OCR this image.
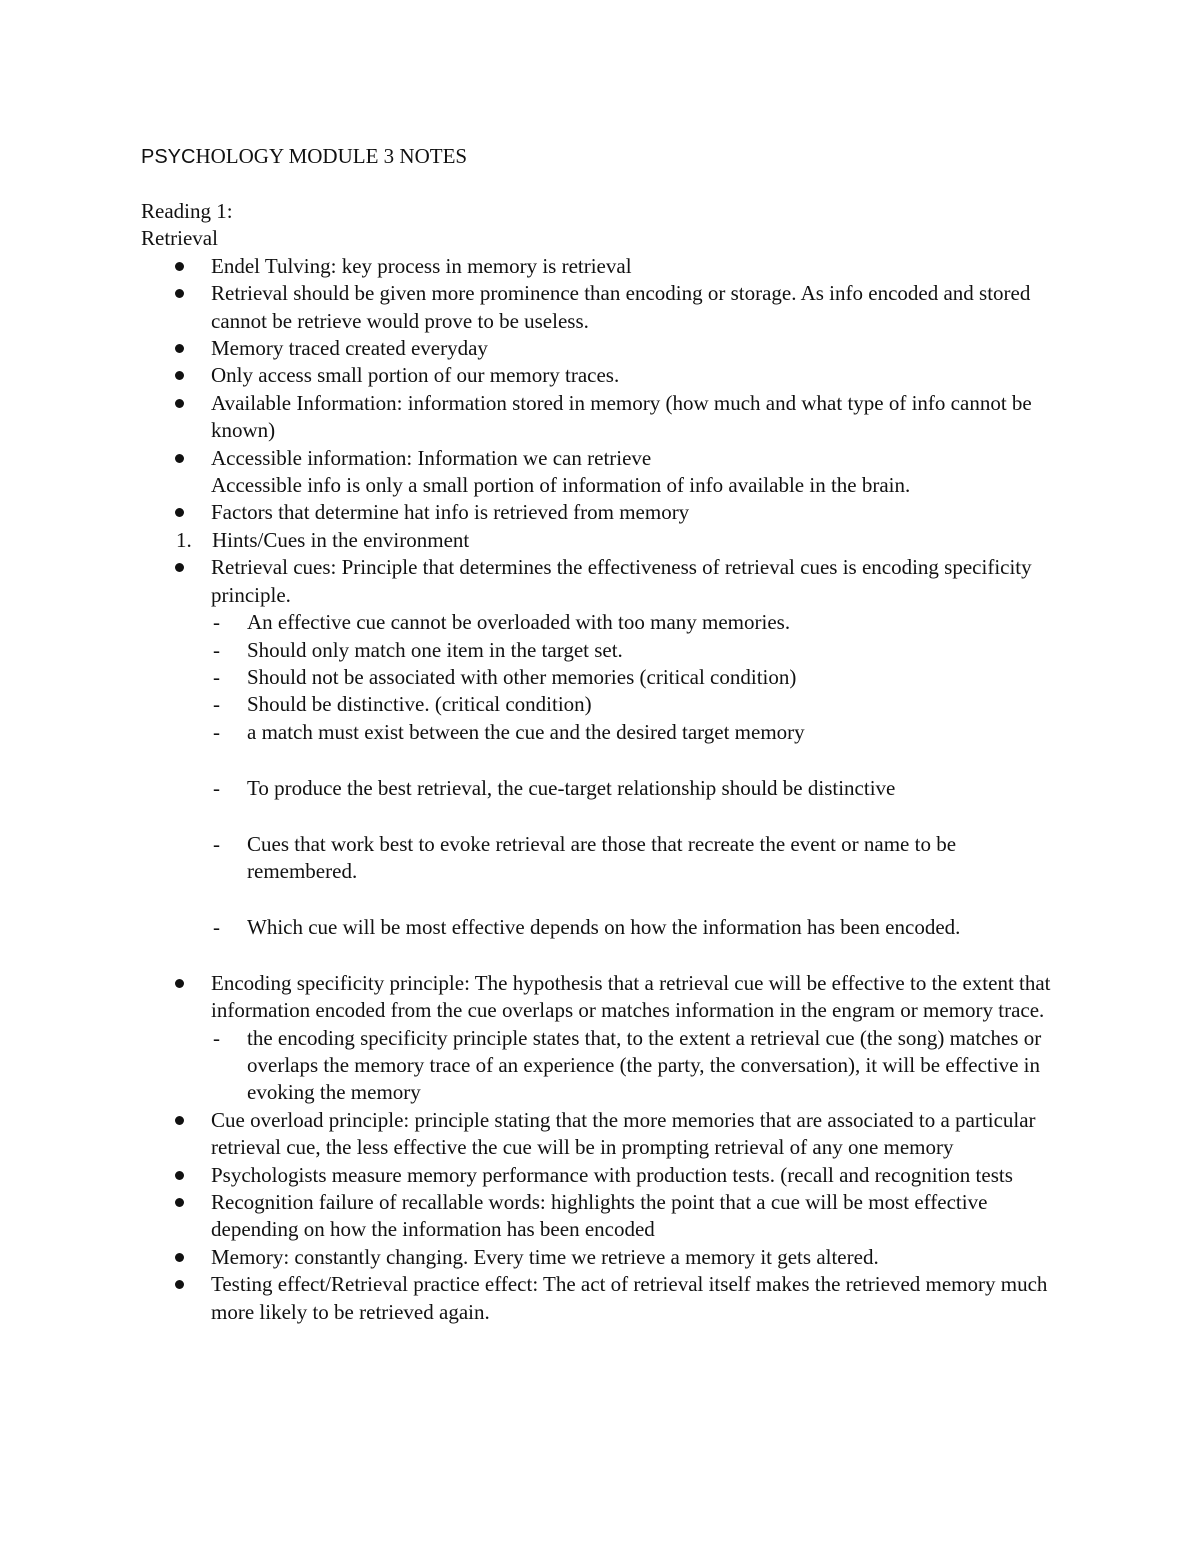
PSYCHOLOGY MODULE 3 NOTES

Reading 1:

Retrieval

Endel Tulving: key process in memory is retrieval
Retrieval should be given more prominence than encoding or storage. As info encoded and stored cannot be retrieve would prove to be useless.
Memory traced created everyday
Only access small portion of our memory traces.
Available Information: information stored in memory (how much and what type of info cannot be known)
Accessible information: Information we can retrieve
Accessible info is only a small portion of information of info available in the brain.
Factors that determine hat info is retrieved from memory
1. Hints/Cues in the environment
Retrieval cues: Principle that determines the effectiveness of retrieval cues is encoding specificity principle.
- An effective cue cannot be overloaded with too many memories.
- Should only match one item in the target set.
- Should not be associated with other memories (critical condition)
- Should be distinctive. (critical condition)
- a match must exist between the cue and the desired target memory
- To produce the best retrieval, the cue-target relationship should be distinctive
- Cues that work best to evoke retrieval are those that recreate the event or name to be remembered.
- Which cue will be most effective depends on how the information has been encoded.
Encoding specificity principle: The hypothesis that a retrieval cue will be effective to the extent that information encoded from the cue overlaps or matches information in the engram or memory trace.
- the encoding specificity principle states that, to the extent a retrieval cue (the song) matches or overlaps the memory trace of an experience (the party, the conversation), it will be effective in evoking the memory
Cue overload principle: principle stating that the more memories that are associated to a particular retrieval cue, the less effective the cue will be in prompting retrieval of any one memory
Psychologists measure memory performance with production tests. (recall and recognition tests
Recognition failure of recallable words: highlights the point that a cue will be most effective depending on how the information has been encoded
Memory: constantly changing. Every time we retrieve a memory it gets altered.
Testing effect/Retrieval practice effect: The act of retrieval itself makes the retrieved memory much more likely to be retrieved again.
